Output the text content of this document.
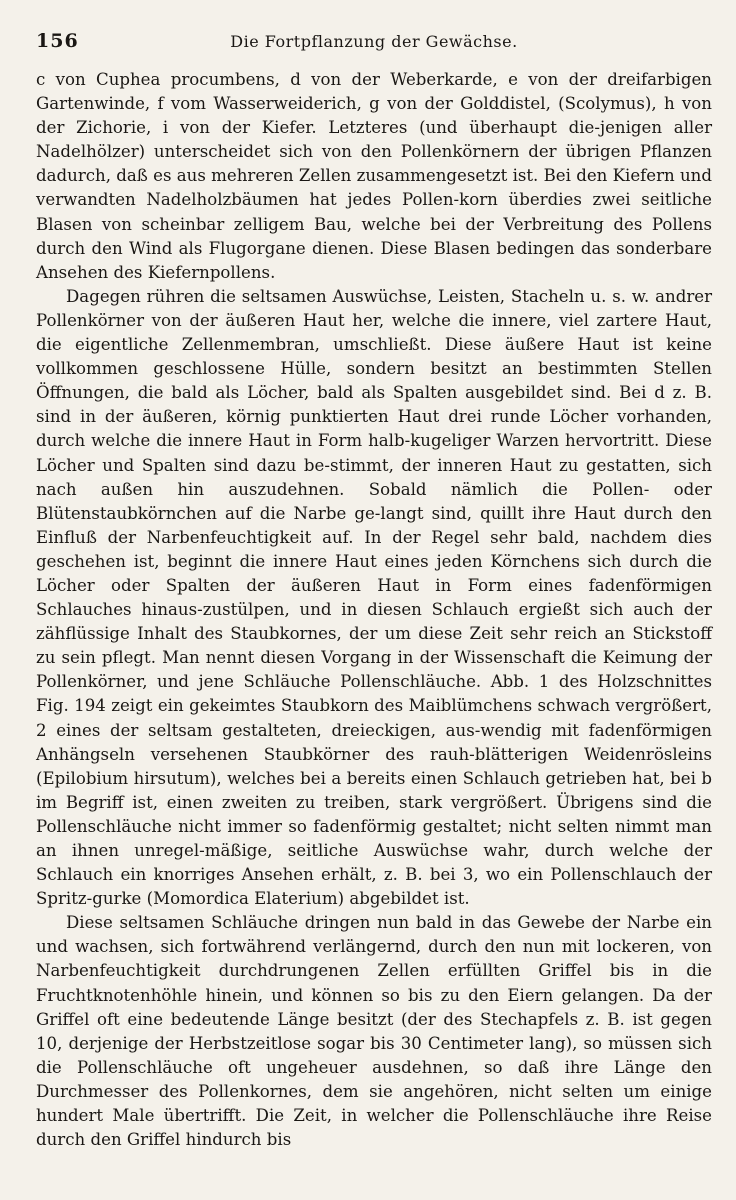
156	Die Fortpflanzung der Gewächse.

c von Cuphea procumbens, d von der Weberkarde, e von der dreifarbigen Gartenwinde, f vom Wasserweiderich, g von der Golddistel, (Scolymus), h von der Zichorie, i von der Kiefer. Letzteres (und überhaupt die-jenigen aller Nadelhölzer) unterscheidet sich von den Pollenkörnern der übrigen Pflanzen dadurch, daß es aus mehreren Zellen zusammengesetzt ist. Bei den Kiefern und verwandten Nadelholzbäumen hat jedes Pollen-korn überdies zwei seitliche Blasen von scheinbar zelligem Bau, welche bei der Verbreitung des Pollens durch den Wind als Flugorgane dienen. Diese Blasen bedingen das sonderbare Ansehen des Kiefernpollens.

Dagegen rühren die seltsamen Auswüchse, Leisten, Stacheln u. s. w. andrer Pollenkörner von der äußeren Haut her, welche die innere, viel zartere Haut, die eigentliche Zellenmembran, umschließt. Diese äußere Haut ist keine vollkommen geschlossene Hülle, sondern besitzt an bestimmten Stellen Öffnungen, die bald als Löcher, bald als Spalten ausgebildet sind. Bei d z. B. sind in der äußeren, körnig punktierten Haut drei runde Löcher vorhanden, durch welche die innere Haut in Form halb-kugeliger Warzen hervortritt. Diese Löcher und Spalten sind dazu be-stimmt, der inneren Haut zu gestatten, sich nach außen hin auszudehnen. Sobald nämlich die Pollen- oder Blütenstaubkörnchen auf die Narbe ge-langt sind, quillt ihre Haut durch den Einfluß der Narbenfeuchtigkeit auf. In der Regel sehr bald, nachdem dies geschehen ist, beginnt die innere Haut eines jeden Körnchens sich durch die Löcher oder Spalten der äußeren Haut in Form eines fadenförmigen Schlauches hinaus-zustülpen, und in diesen Schlauch ergießt sich auch der zähflüssige Inhalt des Staubkornes, der um diese Zeit sehr reich an Stickstoff zu sein pflegt. Man nennt diesen Vorgang in der Wissenschaft die Keimung der Pollenkörner, und jene Schläuche Pollenschläuche. Abb. 1 des Holzschnittes Fig. 194 zeigt ein gekeimtes Staubkorn des Maiblümchens schwach vergrößert, 2 eines der seltsam gestalteten, dreieckigen, aus-wendig mit fadenförmigen Anhängseln versehenen Staubkörner des rauh-blätterigen Weidenrösleins (Epilobium hirsutum), welches bei a bereits einen Schlauch getrieben hat, bei b im Begriff ist, einen zweiten zu treiben, stark vergrößert. Übrigens sind die Pollenschläuche nicht immer so fadenförmig gestaltet; nicht selten nimmt man an ihnen unregel-mäßige, seitliche Auswüchse wahr, durch welche der Schlauch ein knorriges Ansehen erhält, z. B. bei 3, wo ein Pollenschlauch der Spritz-gurke (Momordica Elaterium) abgebildet ist.

Diese seltsamen Schläuche dringen nun bald in das Gewebe der Narbe ein und wachsen, sich fortwährend verlängernd, durch den nun mit lockeren, von Narbenfeuchtigkeit durchdrungenen Zellen erfüllten Griffel bis in die Fruchtknotenhöhle hinein, und können so bis zu den Eiern gelangen. Da der Griffel oft eine bedeutende Länge besitzt (der des Stechapfels z. B. ist gegen 10, derjenige der Herbstzeitlose sogar bis 30 Centimeter lang), so müssen sich die Pollenschläuche oft ungeheuer ausdehnen, so daß ihre Länge den Durchmesser des Pollenkornes, dem sie angehören, nicht selten um einige hundert Male übertrifft. Die Zeit, in welcher die Pollenschläuche ihre Reise durch den Griffel hindurch bis
